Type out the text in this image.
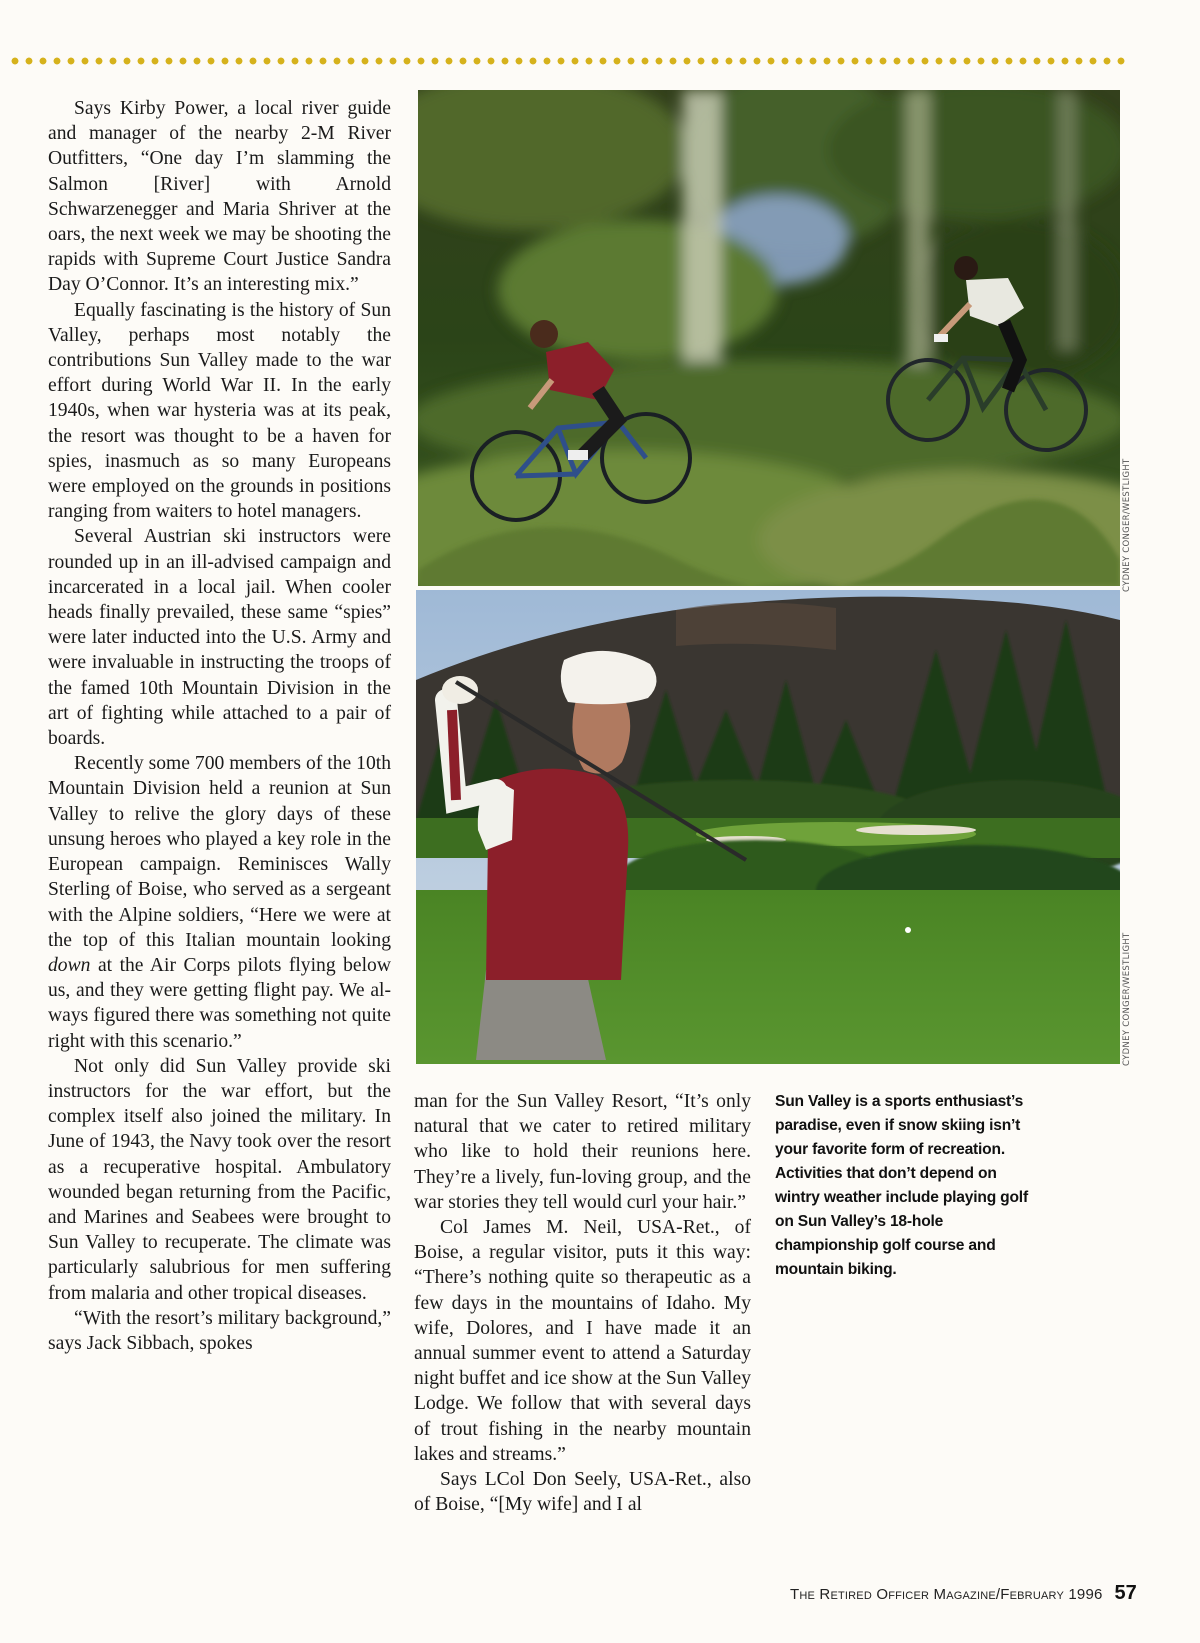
Says Kirby Power, a local river guide and manager of the nearby 2-M River Outfitters, “One day I’m slamming the Salmon [River] with Arnold Schwarzenegger and Maria Shriver at the oars, the next week we may be shooting the rapids with Supreme Court Justice Sandra Day O’Connor. It’s an interesting mix.”

Equally fascinating is the history of Sun Valley, perhaps most notably the contributions Sun Valley made to the war effort during World War II. In the early 1940s, when war hysteria was at its peak, the resort was thought to be a haven for spies, inasmuch as so many Europeans were employed on the grounds in positions ranging from waiters to hotel managers.

Several Austrian ski instructors were rounded up in an ill-advised campaign and incarcerated in a local jail. When cooler heads finally prevailed, these same “spies” were later inducted into the U.S. Army and were invaluable in instructing the troops of the famed 10th Mountain Division in the art of fighting while attached to a pair of boards.

Recently some 700 members of the 10th Mountain Division held a reunion at Sun Valley to relive the glory days of these unsung heroes who played a key role in the European campaign. Reminisces Wally Sterling of Boise, who served as a sergeant with the Alpine soldiers, “Here we were at the top of this Italian mountain looking down at the Air Corps pilots flying below us, and they were getting flight pay. We always figured there was something not quite right with this scenario.”

Not only did Sun Valley provide ski instructors for the war effort, but the complex itself also joined the military. In June of 1943, the Navy took over the resort as a recuperative hospital. Ambulatory wounded began returning from the Pacific, and Marines and Seabees were brought to Sun Valley to recuperate. The climate was particularly salubrious for men suffering from malaria and other tropical diseases.

“With the resort’s military background,” says Jack Sibbach, spokes

CYDNEY CONGER/WESTLIGHT
CYDNEY CONGER/WESTLIGHT

man for the Sun Valley Resort, “It’s only natural that we cater to retired military who like to hold their reunions here. They’re a lively, fun-loving group, and the war stories they tell would curl your hair.”

Col James M. Neil, USA-Ret., of Boise, a regular visitor, puts it this way: “There’s nothing quite so therapeutic as a few days in the mountains of Idaho. My wife, Dolores, and I have made it an annual summer event to attend a Saturday night buffet and ice show at the Sun Valley Lodge. We follow that with several days of trout fishing in the nearby mountain lakes and streams.”

Says LCol Don Seely, USA-Ret., also of Boise, “[My wife] and I al

Sun Valley is a sports enthusiast’s paradise, even if snow skiing isn’t your favorite form of recreation. Activities that don’t depend on wintry weather include playing golf on Sun Valley’s 18-hole championship golf course and mountain biking.

The Retired Officer Magazine/February 1996 57
